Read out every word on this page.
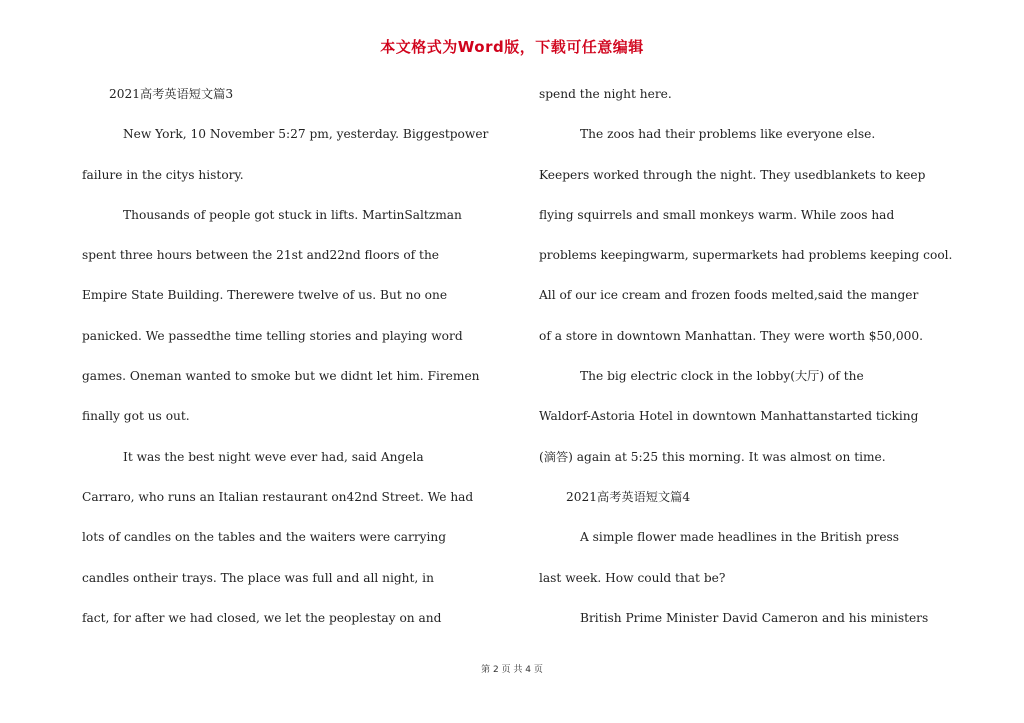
本文格式为Word版，下载可任意编辑
2021高考英语短文篇3
New York, 10 November 5:27 pm, yesterday. Biggestpower
failure in the citys history.
Thousands of people got stuck in lifts. MartinSaltzman
spent three hours between the 21st and22nd floors of the
Empire State Building. Therewere twelve of us. But no one
panicked. We passedthe time telling stories and playing word
games. Oneman wanted to smoke but we didnt let him. Firemen
finally got us out.
It was the best night weve ever had, said Angela
Carraro, who runs an Italian restaurant on42nd Street. We had
lots of candles on the tables and the waiters were carrying
candles ontheir trays. The place was full and all night, in
fact, for after we had closed, we let the peoplestay on and
spend the night here.
The zoos had their problems like everyone else.
Keepers worked through the night. They usedblankets to keep
flying squirrels and small monkeys warm. While zoos had
problems keepingwarm, supermarkets had problems keeping cool.
All of our ice cream and frozen foods melted,said the manger
of a store in downtown Manhattan. They were worth $50,000.
The big electric clock in the lobby(大厅) of the
Waldorf-Astoria Hotel in downtown Manhattanstarted ticking
(滴答) again at 5:25 this morning. It was almost on time.
2021高考英语短文篇4
A simple flower made headlines in the British press
last week. How could that be?
British Prime Minister David Cameron and his ministers
第 2 页 共 4 页
